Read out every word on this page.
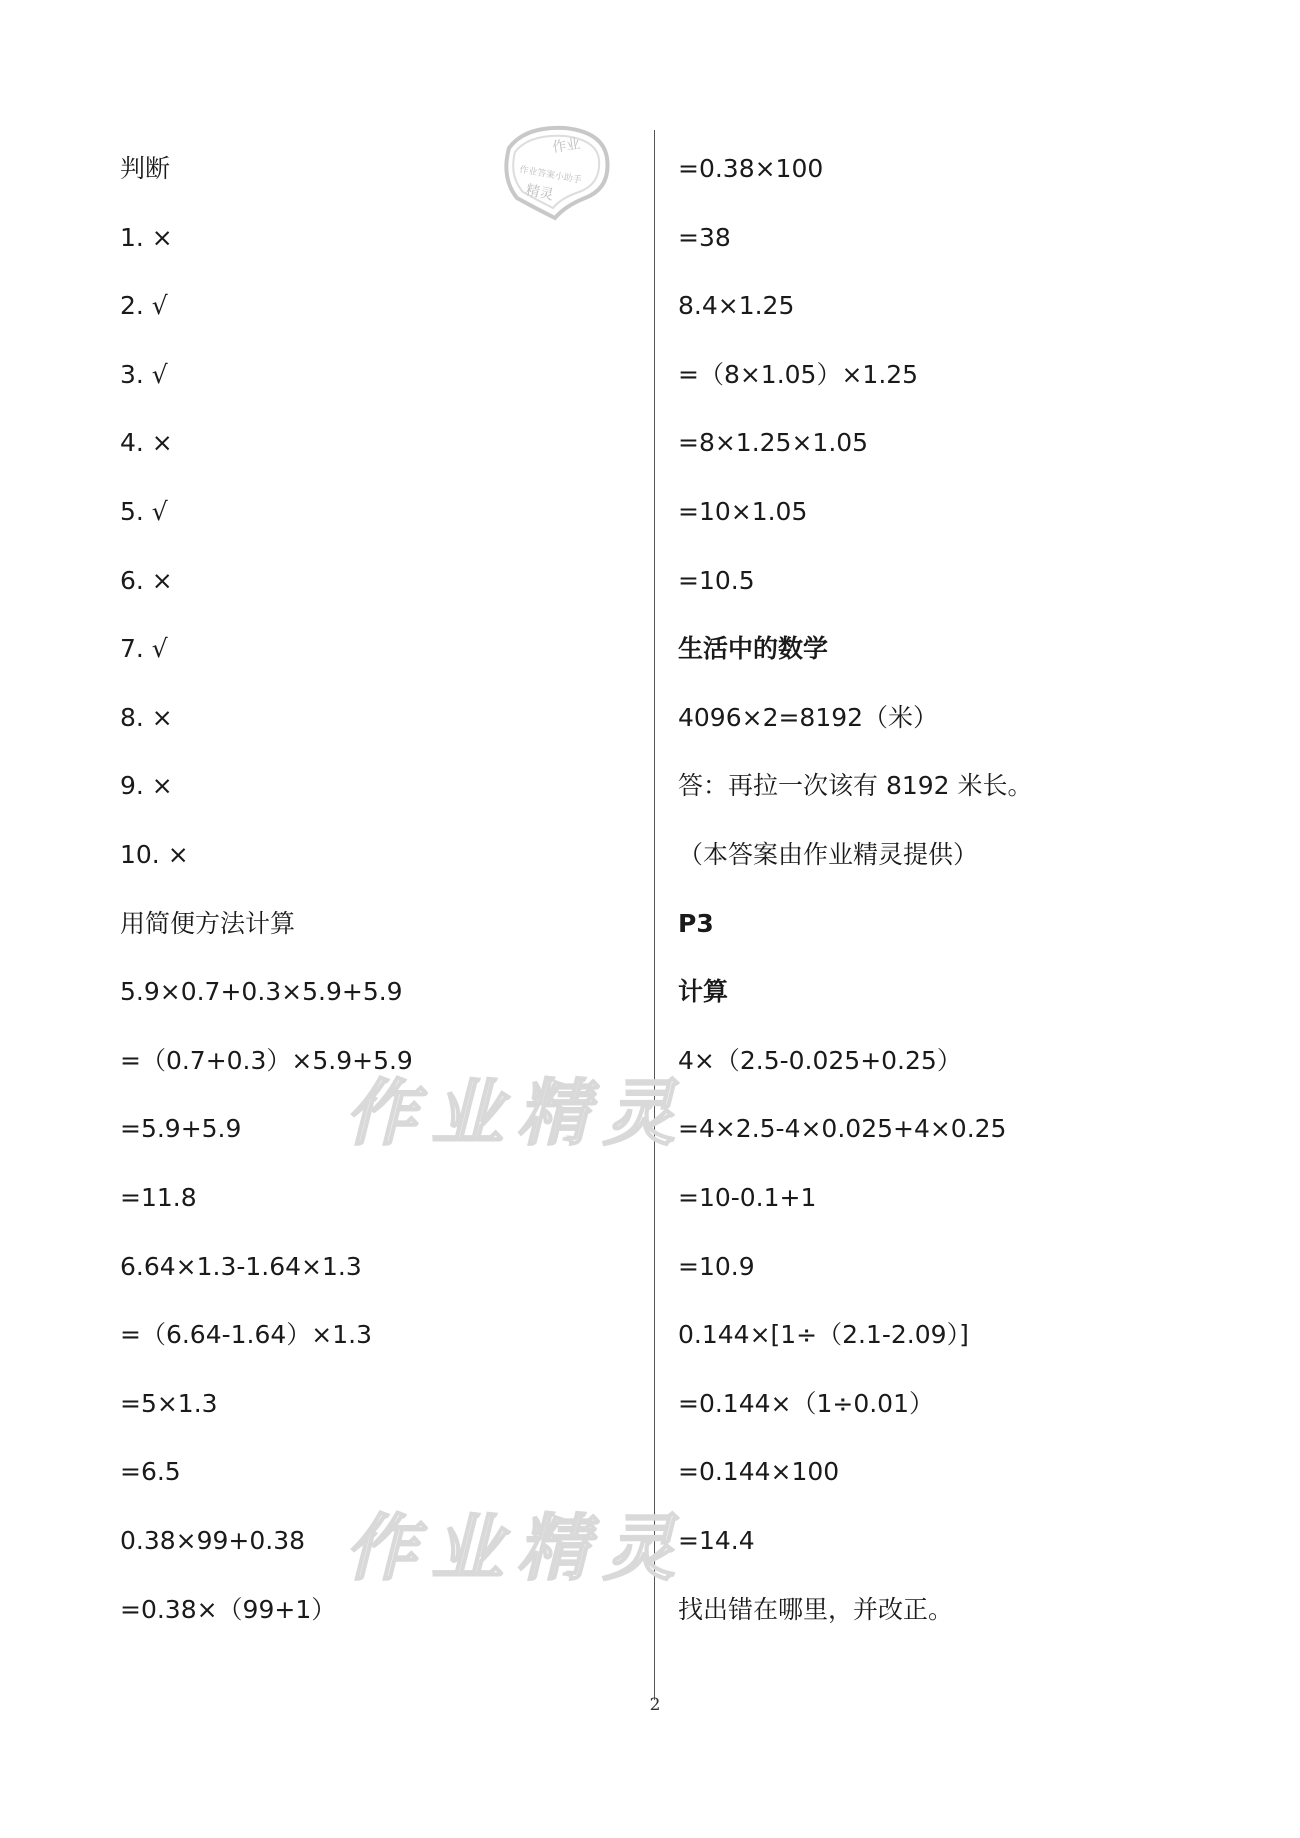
作业
作业答案小助手
精灵
判断
1. ×
2. √
3. √
4. ×
5. √
6. ×
7. √
8. ×
9. ×
10. ×
用简便方法计算
5.9×0.7+0.3×5.9+5.9
=（0.7+0.3）×5.9+5.9
=5.9+5.9
=11.8
6.64×1.3-1.64×1.3
=（6.64-1.64）×1.3
=5×1.3
=6.5
0.38×99+0.38
=0.38×（99+1）
=0.38×100
=38
8.4×1.25
=（8×1.05）×1.25
=8×1.25×1.05
=10×1.05
=10.5
生活中的数学
4096×2=8192（米）
答：再拉一次该有 8192 米长。
（本答案由作业精灵提供）
P3
计算
4×（2.5-0.025+0.25）
=4×2.5-4×0.025+4×0.25
=10-0.1+1
=10.9
0.144×[1÷（2.1-2.09）]
=0.144×（1÷0.01）
=0.144×100
=14.4
找出错在哪里，并改正。
作业精灵
作业精灵
2
